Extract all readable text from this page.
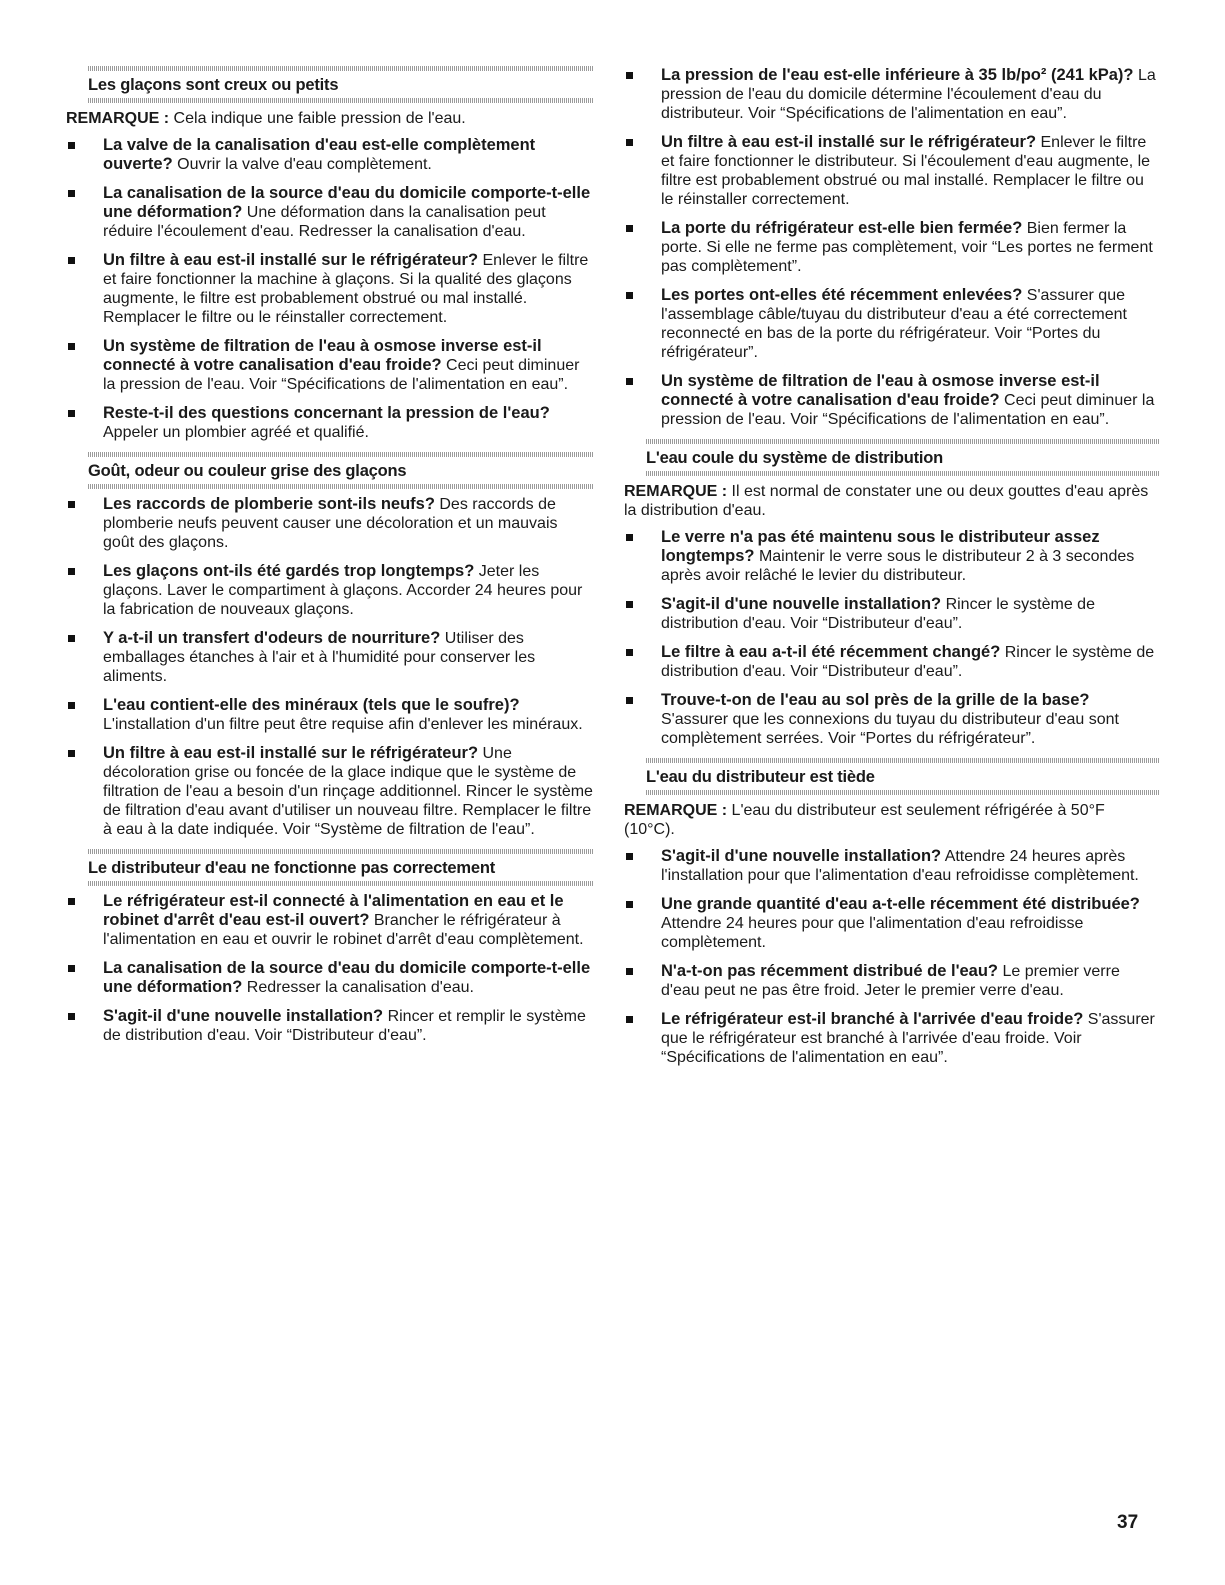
Les glaçons sont creux ou petits

REMARQUE : Cela indique une faible pression de l'eau.

La valve de la canalisation d'eau est-elle complètement ouverte? Ouvrir la valve d'eau complètement.
La canalisation de la source d'eau du domicile comporte-t-elle une déformation? Une déformation dans la canalisation peut réduire l'écoulement d'eau. Redresser la canalisation d'eau.
Un filtre à eau est-il installé sur le réfrigérateur? Enlever le filtre et faire fonctionner la machine à glaçons. Si la qualité des glaçons augmente, le filtre est probablement obstrué ou mal installé. Remplacer le filtre ou le réinstaller correctement.
Un système de filtration de l'eau à osmose inverse est-il connecté à votre canalisation d'eau froide? Ceci peut diminuer la pression de l'eau. Voir “Spécifications de l'alimentation en eau”.
Reste-t-il des questions concernant la pression de l'eau? Appeler un plombier agréé et qualifié.
Goût, odeur ou couleur grise des glaçons
Les raccords de plomberie sont-ils neufs? Des raccords de plomberie neufs peuvent causer une décoloration et un mauvais goût des glaçons.
Les glaçons ont-ils été gardés trop longtemps? Jeter les glaçons. Laver le compartiment à glaçons. Accorder 24 heures pour la fabrication de nouveaux glaçons.
Y a-t-il un transfert d'odeurs de nourriture? Utiliser des emballages étanches à l'air et à l'humidité pour conserver les aliments.
L'eau contient-elle des minéraux (tels que le soufre)? L'installation d'un filtre peut être requise afin d'enlever les minéraux.
Un filtre à eau est-il installé sur le réfrigérateur? Une décoloration grise ou foncée de la glace indique que le système de filtration de l'eau a besoin d'un rinçage additionnel. Rincer le système de filtration d'eau avant d'utiliser un nouveau filtre. Remplacer le filtre à eau à la date indiquée. Voir “Système de filtration de l'eau”.
Le distributeur d'eau ne fonctionne pas correctement
Le réfrigérateur est-il connecté à l'alimentation en eau et le robinet d'arrêt d'eau est-il ouvert? Brancher le réfrigérateur à l'alimentation en eau et ouvrir le robinet d'arrêt d'eau complètement.
La canalisation de la source d'eau du domicile comporte-t-elle une déformation? Redresser la canalisation d'eau.
S'agit-il d'une nouvelle installation? Rincer et remplir le système de distribution d'eau. Voir “Distributeur d'eau”.
La pression de l'eau est-elle inférieure à 35 lb/po² (241 kPa)? La pression de l'eau du domicile détermine l'écoulement d'eau du distributeur. Voir “Spécifications de l'alimentation en eau”.
Un filtre à eau est-il installé sur le réfrigérateur? Enlever le filtre et faire fonctionner le distributeur. Si l'écoulement d'eau augmente, le filtre est probablement obstrué ou mal installé. Remplacer le filtre ou le réinstaller correctement.
La porte du réfrigérateur est-elle bien fermée? Bien fermer la porte. Si elle ne ferme pas complètement, voir “Les portes ne ferment pas complètement”.
Les portes ont-elles été récemment enlevées? S'assurer que l'assemblage câble/tuyau du distributeur d'eau a été correctement reconnecté en bas de la porte du réfrigérateur. Voir “Portes du réfrigérateur”.
Un système de filtration de l'eau à osmose inverse est-il connecté à votre canalisation d'eau froide? Ceci peut diminuer la pression de l'eau. Voir “Spécifications de l'alimentation en eau”.
L'eau coule du système de distribution

REMARQUE : Il est normal de constater une ou deux gouttes d'eau après la distribution d'eau.

Le verre n'a pas été maintenu sous le distributeur assez longtemps? Maintenir le verre sous le distributeur 2 à 3 secondes après avoir relâché le levier du distributeur.
S'agit-il d'une nouvelle installation? Rincer le système de distribution d'eau. Voir “Distributeur d'eau”.
Le filtre à eau a-t-il été récemment changé? Rincer le système de distribution d'eau. Voir “Distributeur d'eau”.
Trouve-t-on de l'eau au sol près de la grille de la base? S'assurer que les connexions du tuyau du distributeur d'eau sont complètement serrées. Voir “Portes du réfrigérateur”.
L'eau du distributeur est tiède

REMARQUE : L'eau du distributeur est seulement réfrigérée à 50°F (10°C).

S'agit-il d'une nouvelle installation? Attendre 24 heures après l'installation pour que l'alimentation d'eau refroidisse complètement.
Une grande quantité d'eau a-t-elle récemment été distribuée? Attendre 24 heures pour que l'alimentation d'eau refroidisse complètement.
N'a-t-on pas récemment distribué de l'eau? Le premier verre d'eau peut ne pas être froid. Jeter le premier verre d'eau.
Le réfrigérateur est-il branché à l'arrivée d'eau froide? S'assurer que le réfrigérateur est branché à l'arrivée d'eau froide. Voir “Spécifications de l'alimentation en eau”.
37
